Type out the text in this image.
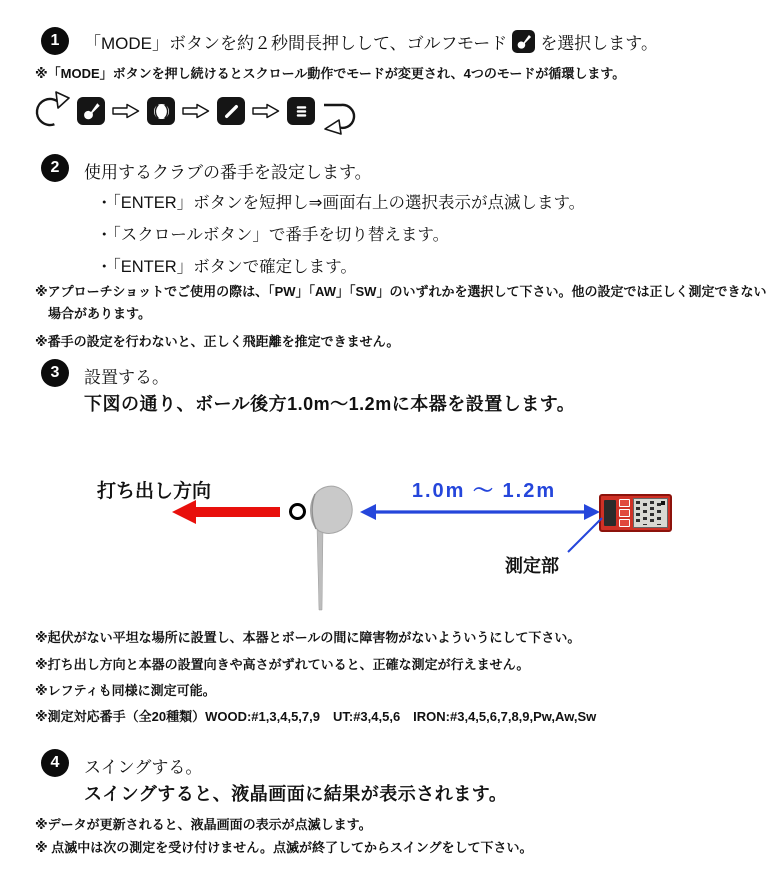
1 「MODE」ボタンを約２秒間長押しして、ゴルフモード を選択します。
※「MODE」ボタンを押し続けるとスクロール動作でモードが変更され、4つのモードが循環します。
2 使用するクラブの番手を設定します。
・「ENTER」ボタンを短押し⇒画面右上の選択表示が点滅します。
・「スクロールボタン」で番手を切り替えます。
・「ENTER」ボタンで確定します。
※アプローチショットでご使用の際は、「PW」「AW」「SW」のいずれかを選択して下さい。他の設定では正しく測定できない
場合があります。
※番手の設定を行わないと、正しく飛距離を推定できません。
3 設置する。
下図の通り、ボール後方1.0m～1.2mに本器を設置します。
打ち出し方向	1.0m ～ 1.2m
測定部
※起伏がない平坦な場所に設置し、本器とボールの間に障害物がないよういうにして下さい。
※打ち出し方向と本器の設置向きや高さがずれていると、正確な測定が行えません。
※レフティも同様に測定可能。
※測定対応番手（全20種類）WOOD:#1,3,4,5,7,9　UT:#3,4,5,6　IRON:#3,4,5,6,7,8,9,Pw,Aw,Sw
4 スイングする。
スイングすると、液晶画面に結果が表示されます。
※データが更新されると、液晶画面の表示が点滅します。
※ 点滅中は次の測定を受け付けません。点滅が終了してからスイングをして下さい。
